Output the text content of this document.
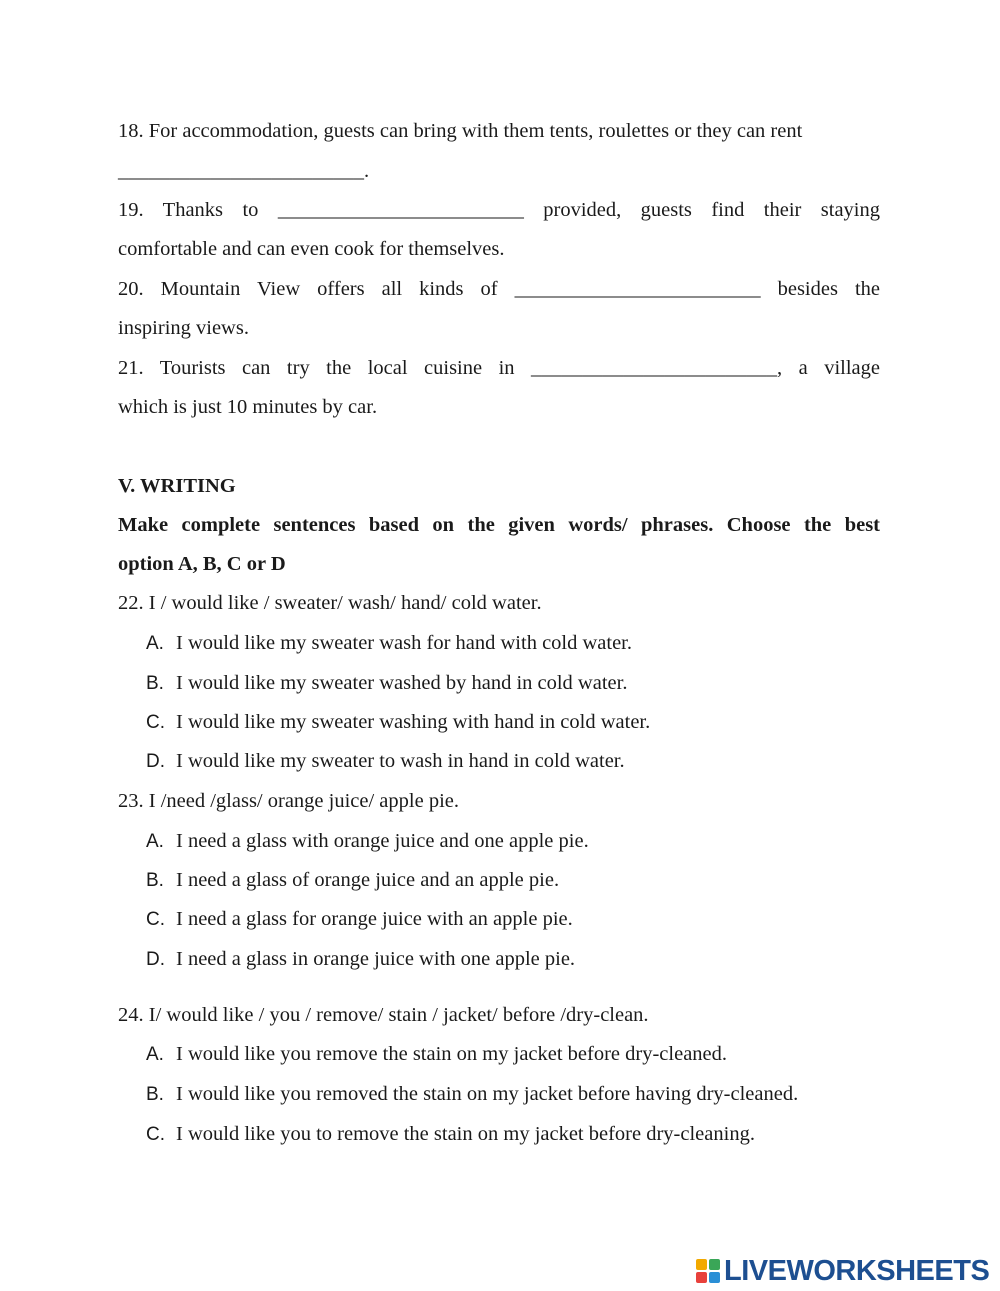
18. For accommodation, guests can bring with them tents, roulettes or they can rent
________________________.
19. Thanks to ________________________ provided, guests find their staying
comfortable and can even cook for themselves.
20. Mountain View offers all kinds of ________________________ besides the
inspiring views.
21. Tourists can try the local cuisine in ________________________, a village
which is just 10 minutes by car.
V. WRITING
Make complete sentences based on the given words/ phrases. Choose the best
option A, B, C or D
22. I / would like / sweater/ wash/ hand/ cold water.
A. I would like my sweater wash for hand with cold water.
B. I would like my sweater washed by hand in cold water.
C. I would like my sweater washing with hand in cold water.
D. I would like my sweater to wash in hand in cold water.
23. I /need /glass/ orange juice/ apple pie.
A. I need a glass with orange juice and one apple pie.
B. I need a glass of orange juice and an apple pie.
C. I need a glass for orange juice with an apple pie.
D. I need a glass in orange juice with one apple pie.
24. I/ would like / you / remove/ stain / jacket/ before /dry-clean.
A. I would like you remove the stain on my jacket before dry-cleaned.
B. I would like you removed the stain on my jacket before having dry-cleaned.
C. I would like you to remove the stain on my jacket before dry-cleaning.
LIVEWORKSHEETS
